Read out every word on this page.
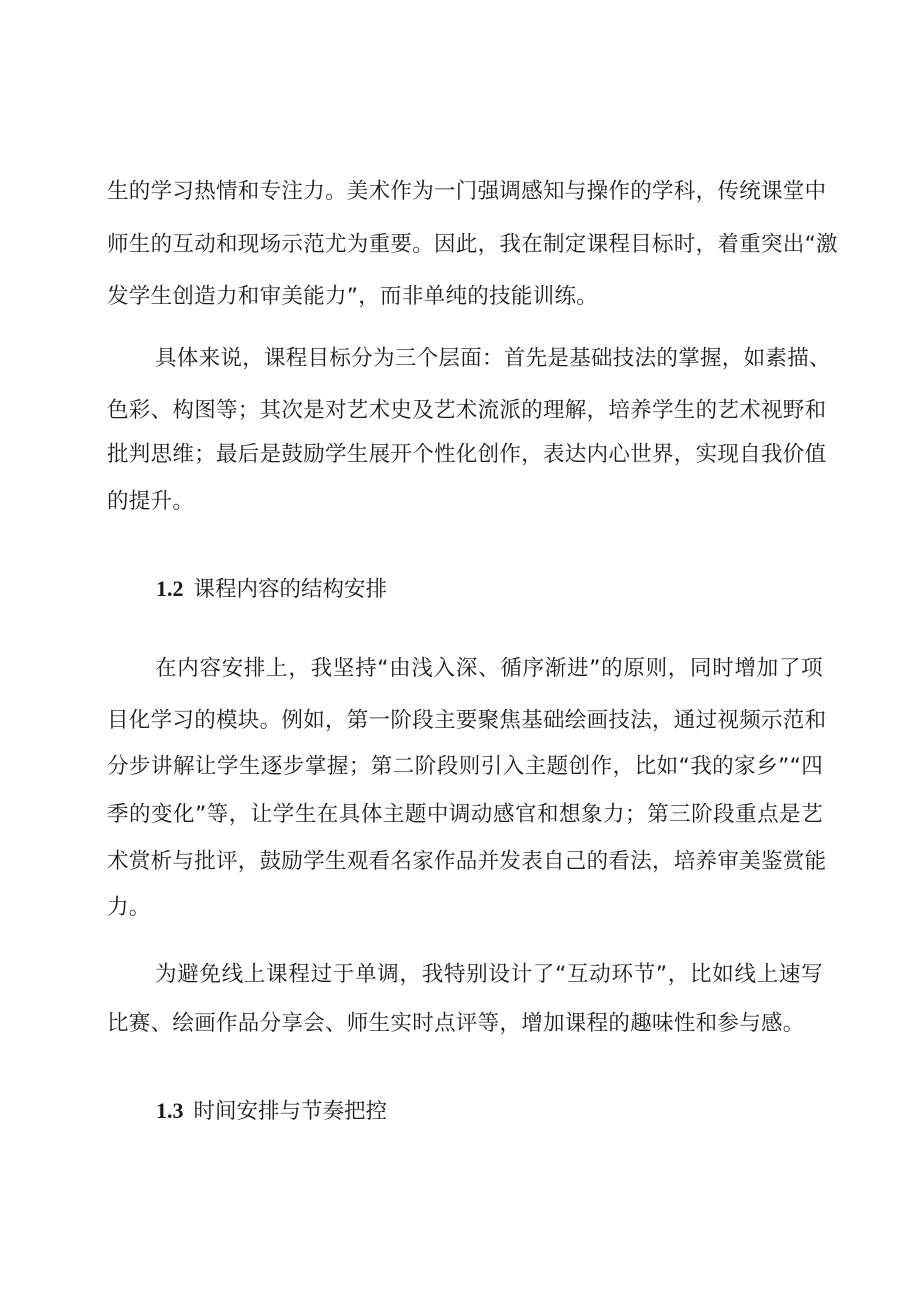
生的学习热情和专注力。美术作为一门强调感知与操作的学科，传统课堂中
师生的互动和现场示范尤为重要。因此，我在制定课程目标时，着重突出“激
发学生创造力和审美能力”，而非单纯的技能训练。
具体来说，课程目标分为三个层面：首先是基础技法的掌握，如素描、
色彩、构图等；其次是对艺术史及艺术流派的理解，培养学生的艺术视野和
批判思维；最后是鼓励学生展开个性化创作，表达内心世界，实现自我价值
的提升。
1.2 课程内容的结构安排
在内容安排上，我坚持“由浅入深、循序渐进”的原则，同时增加了项
目化学习的模块。例如，第一阶段主要聚焦基础绘画技法，通过视频示范和
分步讲解让学生逐步掌握；第二阶段则引入主题创作，比如“我的家乡”“四
季的变化”等，让学生在具体主题中调动感官和想象力；第三阶段重点是艺
术赏析与批评，鼓励学生观看名家作品并发表自己的看法，培养审美鉴赏能
力。
为避免线上课程过于单调，我特别设计了“互动环节”，比如线上速写
比赛、绘画作品分享会、师生实时点评等，增加课程的趣味性和参与感。
1.3 时间安排与节奏把控
